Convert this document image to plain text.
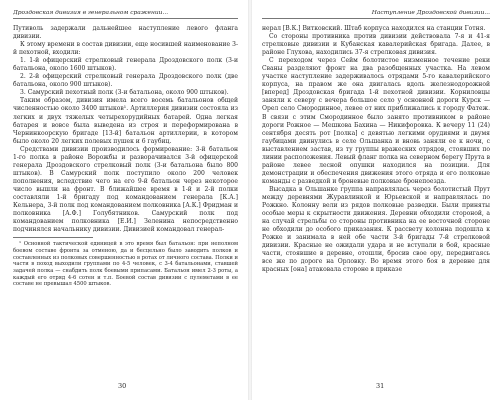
Дроздовская дивизия в генеральном сражении...

Путиволь задержали дальнейшее наступление левого фланга дивизии.

К этому времени в состав дивизии, еще носившей наименование 3-й пехотной, входили:

1. 1-й офицерский стрелковый генерала Дроздовского полк (3-и батальона, около 1600 штыков).

2. 2-й офицерский стрелковый генерала Дроздовского полк (две батальона, около 900 штыков).

3. Самурский пехотный полк (3-и батальона, около 900 штыков).

Таким образом, дивизия имела всего восемь батальонов общей численностью около 3400 штыков¹. Артиллерия дивизии состояла из легких и двух тяжелых четырехорудийных батарей. Одна легкая батарея и вовсе была выведена из строя и переформирована в Чернинкоорскую бригаде [13-й] батальон артиллерии, в котором было около 20 легких полевых пушек и 6 гаубиц.

Средствами дивизии производилось формирование: 3-й батальон 1-го полка в районе Ворожбы и разворачивался 3-й офицерской генерала Дроздовского стрелковый полк (3-и батальона было 800 штыков). В Самурский полк поступило около 200 человек пополнения, вследствие чего на его 9-й батальон через некоторое число вышли на фронт. В ближайшее время в 1-й и 2-й полки составляли 1-й бригаду под командованием генерала [К.А.] Кельнера, 3-й полк под командованием полковника [А.К.] Фридман и полковника [А.Ф.] Голубятников. Самурский полк под командованием полковника [Е.И.] Зеленина непосредственно подчинялся начальнику дивизии. Дивизией командовал генерал-

¹ Основной тактической единицей в это время был батальон: при неполном боевом составе фронта за отменою, да и бесцельно было заводить полков и составленных из полковых совершенностью в ротах от личного состава. Полки и части в поход выходили группами по 4-5 человек, с 3-4 батальонами, ставшей задачей полка — снабдить полк боевыми припасами. Батальон имел 2-3 роты, а каждый его отряд 4-6 сотен и т.п. Боевой состав дивизии с пулеметами в ее составе не превышал 4500 штыков.

30
Наступление Дроздовской дивизии...

нерал [В.К.] Витковский. Штаб корпуса находился на станции Готня.

Со стороны противника против дивизии действовала 7-я и 41-я стрелковые дивизии и Кубанская кавалерийская бригада. Далее, в районе Глухова, находились 37-я стрелковая дивизия.

С переходом через Сейм болотистое низменное течение реки Сваны разделяют фронт на два разобщенных участка. На левом участке наступление задерживалось отрядами 5-го кавалерийского корпуса, на правом же она двигалась вдоль железнодорожной [вперед] Дроздовская бригада 1-й пехотной дивизии. Корниловцы заняли к северу с вечера большое село у основной дороги Курск — Орел село Смородинное, левее от них приближались к городу Фатеж. В связи с этим Смородинное было занято противником в районе дороги Рожное — Мешкова Бахина — Никифоровка. К вечеру 11 (24) сентября десять рот [полка] с девятью легкими орудиями и двумя гаубицами двинулись в селе Ольшанка и вновь заняли ее к ночи, с выставлением застав, из ту группы вражеских отрядов, стоявших по линии расположения. Левый фланг полка на северном берегу Прута в районе левее лесной опушки находился на позиции. Для демонстрации и обеспечения движения этого отряда и его полковые команды с разведкой и броневые полковые бронепоезда.

Высадка в Ольшанке группа направлялась через болотистый Прут между деревнями Журавлинкой и Юрьевской и направлялась по Рожкно. Колонну вели из рядов полковые разведки. Были приняты особые меры к скрытности движения. Деревни обходили стороной, а на случай стрельбы со стороны противника на ее восточной стороне не обходили до особого приказания. К рассвету колонна подошла к Рожке и занимала в ней обе части 3-й бригады 7-й стрелковой дивизии. Красные не ожидали удара и не вступали в бой, красные части, стоявшие в деревне, отошли, бросив свое ору, передвигаясь все же по дороге на Орловку. Во время этого боя в деревне для красных [она] атаковала стороне в приказе

31
